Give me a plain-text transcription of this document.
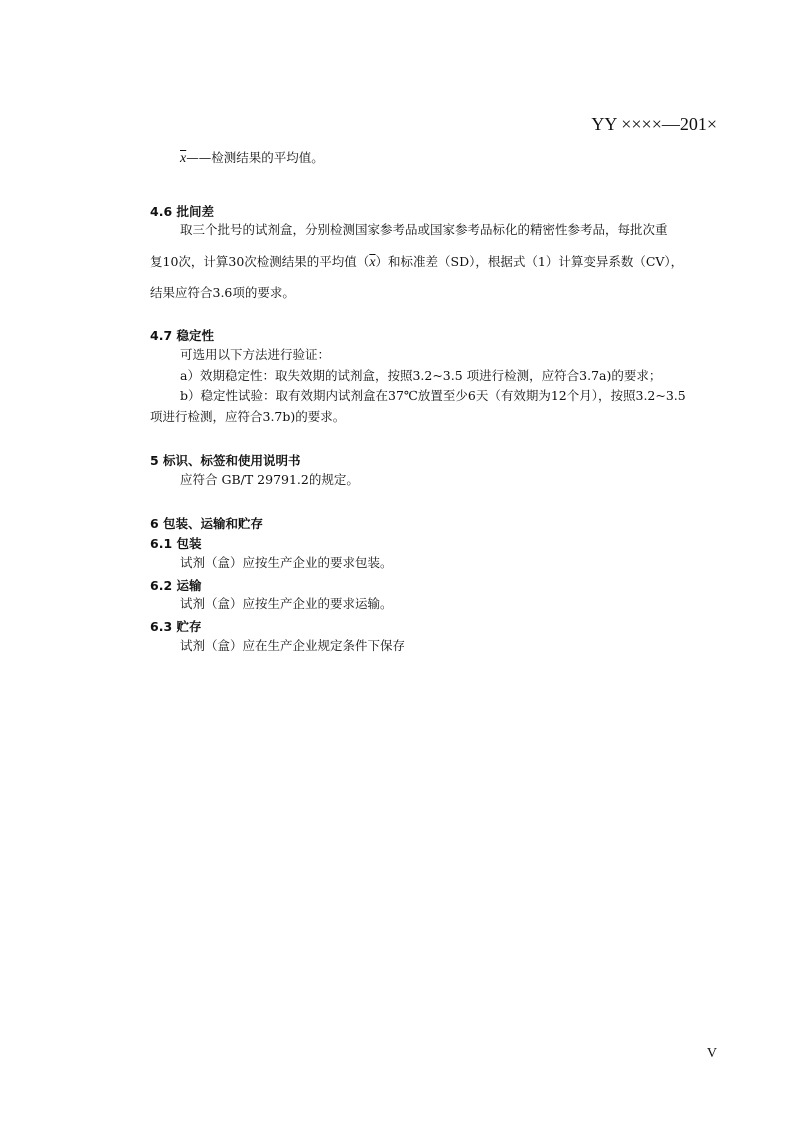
YY ××××—201×
$\overline{x}——$检测结果的平均值。
4.6 批间差
取三个批号的试剂盒，分别检测国家参考品或国家参考品标化的精密性参考品，每批次重
复10次，计算30次检测结果的平均值$(\overline{x})$和标准差（SD），根据式（1）计算变异系数（CV），
结果应符合3.6项的要求。
4.7 稳定性
可选用以下方法进行验证：
a）效期稳定性：取失效期的试剂盒，按照3.2~3.5 项进行检测，应符合3.7a)的要求；
b）稳定性试验：取有效期内试剂盒在37℃放置至少6天（有效期为12个月），按照3.2~3.5
项进行检测，应符合3.7b)的要求。
5 标识、标签和使用说明书
应符合 GB/T 29791.2的规定。
6 包装、运输和贮存
6.1 包装
试剂（盒）应按生产企业的要求包装。
6.2 运输
试剂（盒）应按生产企业的要求运输。
6.3 贮存
试剂（盒）应在生产企业规定条件下保存
V
